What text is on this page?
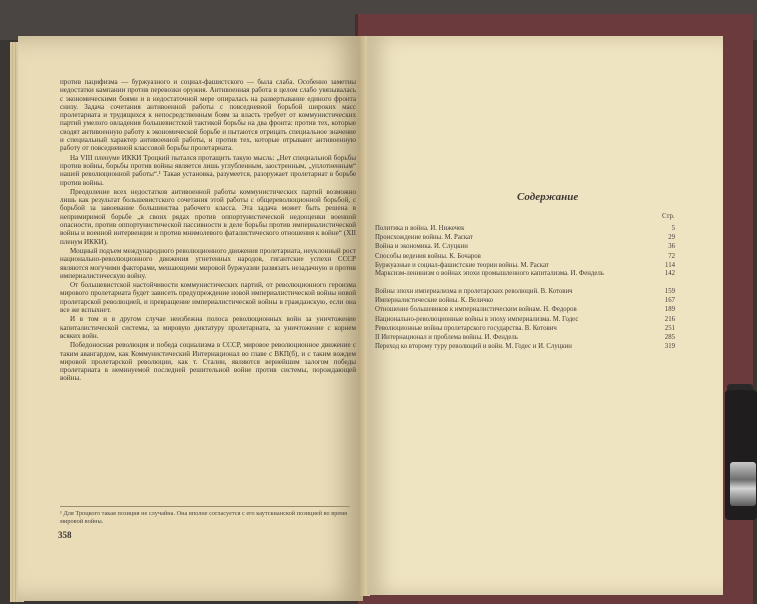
против пацифизма — буржуазного и социал-фашистского — была слаба. Особенно заметны недостатки кампании против перевозки оружия. Антивоенная работа в целом слабо увязывалась с экономическими боями и в недостаточной мере опиралась на развертывание единого фронта снизу. Задача сочетания антивоенной работы с повседневной борьбой широких масс пролетариата и трудящихся к непосредственным боям за власть требует от коммунистических партий умелого овладения большевистской тактикой борьбы на два фронта: против тех, которые сводят антивоенную работу к экономической борьбе и пытаются отрицать специальное значение и специальный характер антивоенной работы, и против тех, которые отрывают антивоенную работу от повседневной классовой борьбы пролетариата.

На VIII пленуме ИККИ Троцкий пытался протащить такую мысль: „Нет специальной борьбы против войны, борьбы против войны является лишь углубленным, заостренным, „уплотненным“ нашей революционной работы“.¹ Такая установка, разумеется, разоружает пролетариат в борьбе против войны.

Преодоление всех недостатков антивоенной работы коммунистических партий возможно лишь как результат большевистского сочетания этой работы с общереволюционной борьбой, с борьбой за завоевание большинства рабочего класса. Эта задача может быть решена в непримиримой борьбе „в своих рядах против оппортунистической недооценки военной опасности, против оппортунистической пассивности в деле борьбы против империалистической войны и военной интервенции и против мнимолевого фаталистического отношения к войне“ (XII пленум ИККИ).

Мощный подъем международного революционного движения пролетариата, неуклонный рост национально-революционного движения угнетенных народов, гигантские успехи СССР являются могучими факторами, мешающими мировой буржуазии развязать незадачную и против империалистическую войну.

От большевистской настойчивости коммунистических партий, от революционного героизма мирового пролетариата будет зависеть предупреждение новой империалистической войны новой пролетарской революцией, и превращение империалистической войны в гражданскую, если она все же вспыхнет.

И в том и в другом случае неизбежна полоса революционных войн за уничтожение капиталистической системы, за мировую диктатуру пролетариата, за уничтожение с корнем всяких войн.

Победоносная революция и победа социализма в СССР, мировое революционное движение с таким авангардом, как Коммунистический Интернационал во главе с ВКП(б), и с таким вождем мировой пролетарской революции, как т. Сталин, являются вернейшим залогом победы пролетариата в неминуемой последней решительной войне против системы, порождающей войны.

¹ Для Троцкого такая позиция не случайна. Она вполне согласуется с его каутскианской позицией во время мировой войны.
358
Содержание
Стр.
Политика и война. И. Нижечек	5
Происхождение войны. М. Раскат	29
Война и экономика. И. Слуцкин	36
Способы ведения войны. К. Бочаров	72
Буржуазные и социал-фашистские теории войны. М. Раскат	114
Марксизм-ленинизм о войнах эпохи промышленного капитализма. И. Фендель	142
Войны эпохи империализма и пролетарских революций. В. Котович	159
Империалистические войны. К. Величко	167
Отношение большевиков к империалистическим войнам. Н. Федоров	189
Национально-революционные войны в эпоху империализма. М. Годес	216
Революционные войны пролетарского государства. В. Котович	251
II Интернационал и проблема войны. И. Фендель	285
Переход ко второму туру революций и войн. М. Годес и И. Слуцкин	319
